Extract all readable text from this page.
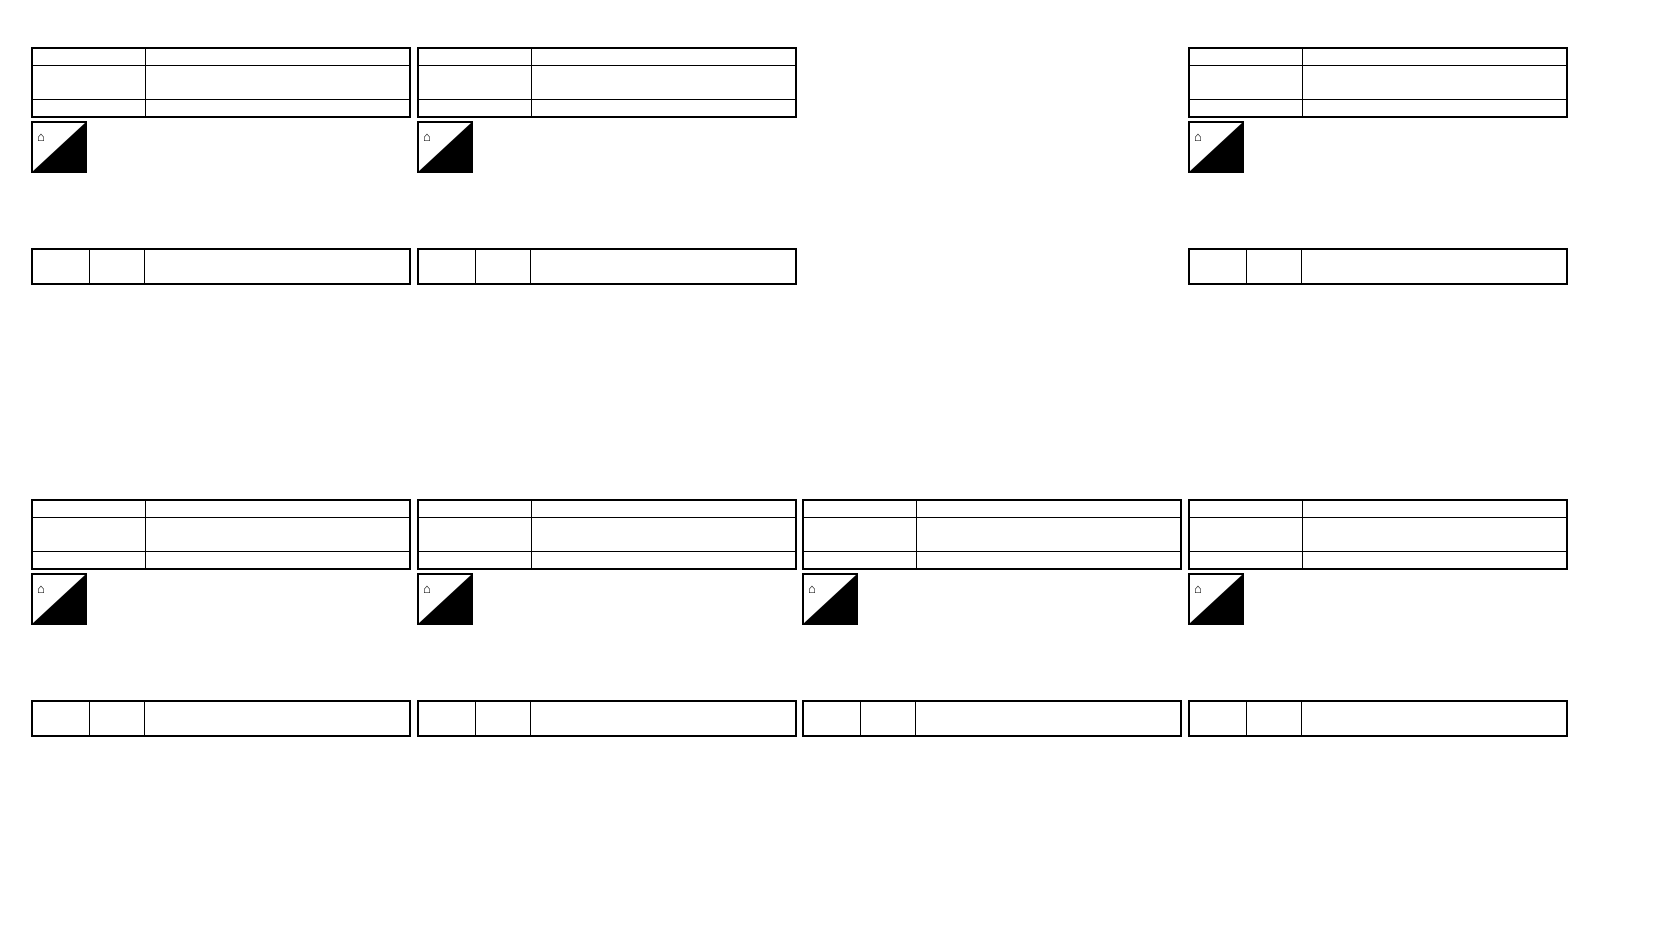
⌂

		⌂

		⌂

⌂

		⌂

		⌂

		⌂
